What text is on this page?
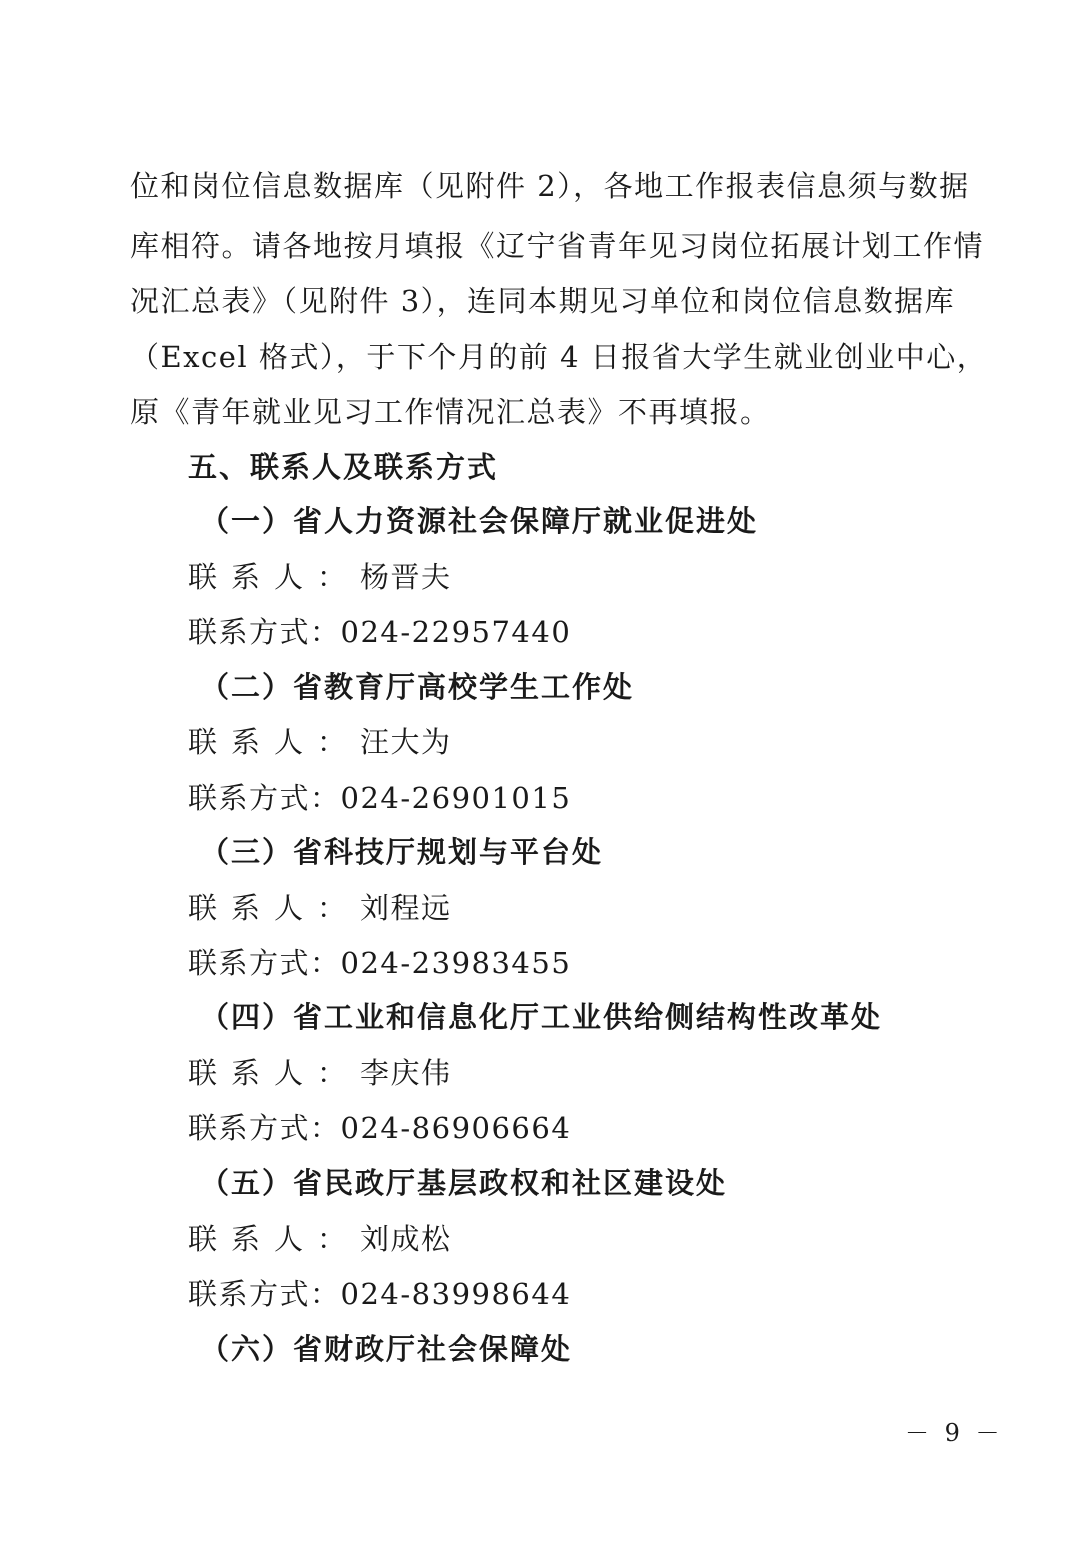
位和岗位信息数据库（见附件 2），各地工作报表信息须与数据
库相符。请各地按月填报《辽宁省青年见习岗位拓展计划工作情
况汇总表》（见附件 3），连同本期见习单位和岗位信息数据库
（Excel 格式），于下个月的前 4 日报省大学生就业创业中心，
原《青年就业见习工作情况汇总表》不再填报。
五、联系人及联系方式
（一）省人力资源社会保障厅就业促进处
联系人：杨晋夫
联系方式：024-22957440
（二）省教育厅高校学生工作处
联系人：汪大为
联系方式：024-26901015
（三）省科技厅规划与平台处
联系人：刘程远
联系方式：024-23983455
（四）省工业和信息化厅工业供给侧结构性改革处
联系人：李庆伟
联系方式：024-86906664
（五）省民政厅基层政权和社区建设处
联系人：刘成松
联系方式：024-83998644
（六）省财政厅社会保障处
－ 9 －
